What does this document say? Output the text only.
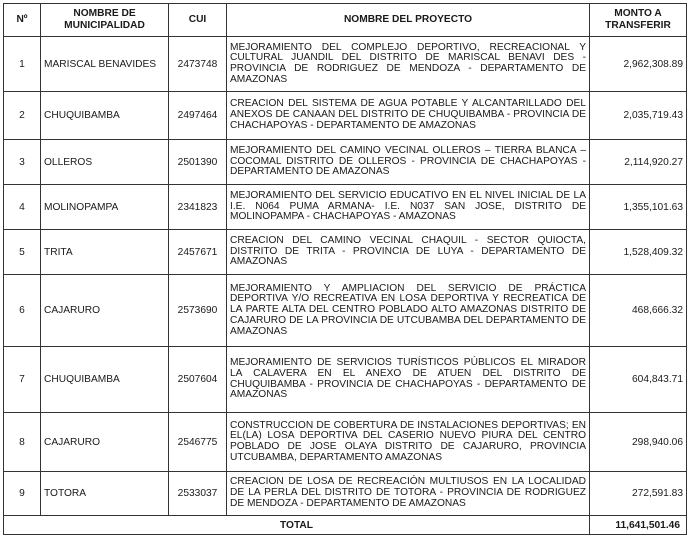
Nº	NOMBRE DE MUNICIPALIDAD	CUI	NOMBRE DEL PROYECTO	MONTO A TRANSFERIR
1	MARISCAL BENAVIDES	2473748	MEJORAMIENTO DEL COMPLEJO DEPORTIVO, RECREACIONAL Y CULTURAL JUANDIL DEL DISTRITO DE MARISCAL BENAVI DES - PROVINCIA DE RODRIGUEZ DE MENDOZA - DEPARTAMENTO DE AMAZONAS	2,962,308.89
2	CHUQUIBAMBA	2497464	CREACION DEL SISTEMA DE AGUA POTABLE Y ALCANTARILLADO DEL ANEXOS DE CANAAN DEL DISTRITO DE CHUQUIBAMBA - PROVINCIA DE CHACHAPOYAS - DEPARTAMENTO DE AMAZONAS	2,035,719.43
3	OLLEROS	2501390	MEJORAMIENTO DEL CAMINO VECINAL OLLEROS – TIERRA BLANCA – COCOMAL DISTRITO DE OLLEROS - PROVINCIA DE CHACHAPOYAS - DEPARTAMENTO DE AMAZONAS	2,114,920.27
4	MOLINOPAMPA	2341823	MEJORAMIENTO DEL SERVICIO EDUCATIVO EN EL NIVEL INICIAL DE LA I.E. N064 PUMA ARMANA- I.E. N037 SAN JOSE, DISTRITO DE MOLINOPAMPA - CHACHAPOYAS - AMAZONAS	1,355,101.63
5	TRITA	2457671	CREACION DEL CAMINO VECINAL CHAQUIL - SECTOR QUIOCTA, DISTRITO DE TRITA - PROVINCIA DE LUYA - DEPARTAMENTO DE AMAZONAS	1,528,409.32
6	CAJARURO	2573690	MEJORAMIENTO Y AMPLIACION DEL SERVICIO DE PRÁCTICA DEPORTIVA Y/O RECREATIVA EN LOSA DEPORTIVA Y RECREATICA DE LA PARTE ALTA DEL CENTRO POBLADO ALTO AMAZONAS DISTRITO DE CAJARURO DE LA PROVINCIA DE UTCUBAMBA DEL DEPARTAMENTO DE AMAZONAS	468,666.32
7	CHUQUIBAMBA	2507604	MEJORAMIENTO DE SERVICIOS TURÍSTICOS PÚBLICOS EL MIRADOR LA CALAVERA EN EL ANEXO DE ATUEN DEL DISTRITO DE CHUQUIBAMBA - PROVINCIA DE CHACHAPOYAS - DEPARTAMENTO DE AMAZONAS	604,843.71
8	CAJARURO	2546775	CONSTRUCCION DE COBERTURA DE INSTALACIONES DEPORTIVAS; EN EL(LA) LOSA DEPORTIVA DEL CASERIO NUEVO PIURA DEL CENTRO POBLADO DE JOSE OLAYA DISTRITO DE CAJARURO, PROVINCIA UTCUBAMBA, DEPARTAMENTO AMAZONAS	298,940.06
9	TOTORA	2533037	CREACION DE LOSA DE RECREACIÓN MULTIUSOS EN LA LOCALIDAD DE LA PERLA DEL DISTRITO DE TOTORA - PROVINCIA DE RODRIGUEZ DE MENDOZA - DEPARTAMENTO DE AMAZONAS	272,591.83
TOTAL				11,641,501.46
